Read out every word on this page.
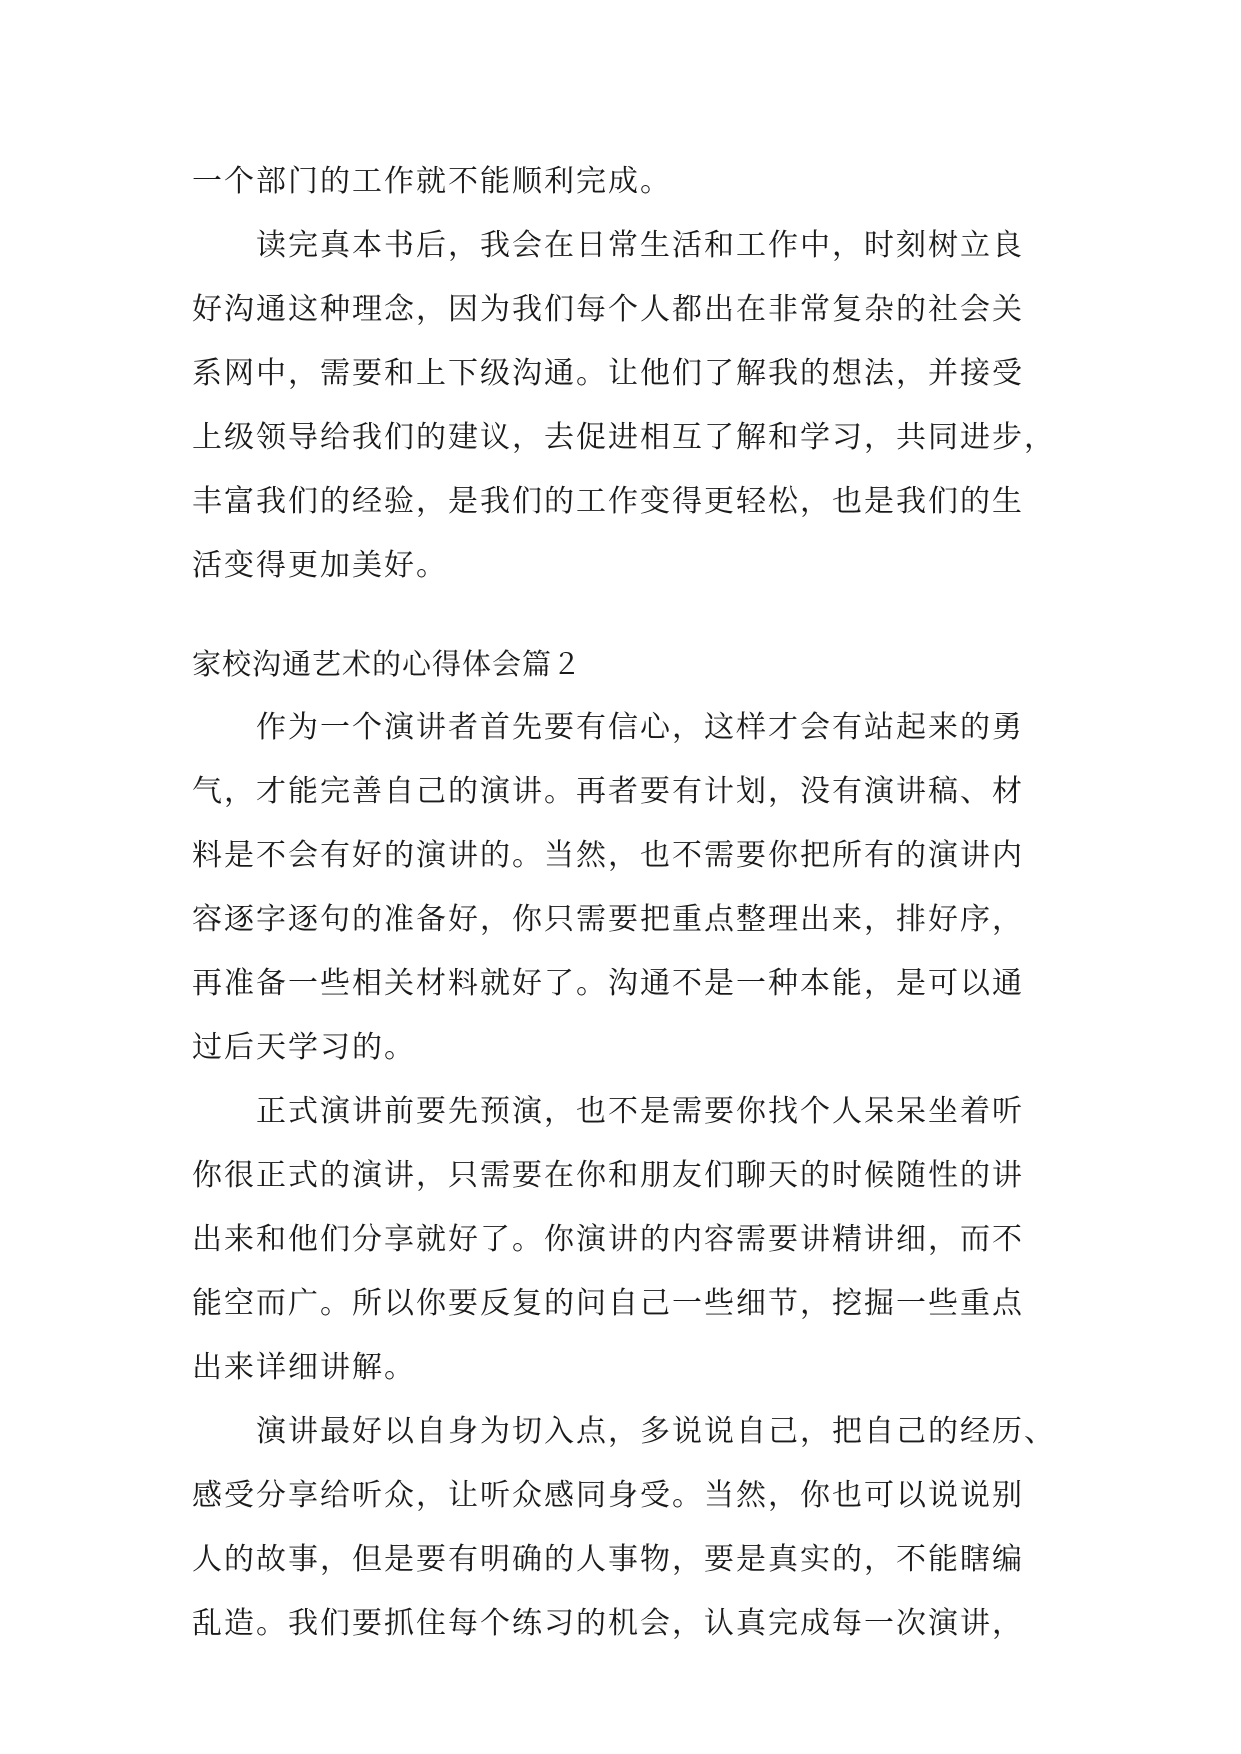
一个部门的工作就不能顺利完成。

读完真本书后，我会在日常生活和工作中，时刻树立良
好沟通这种理念，因为我们每个人都出在非常复杂的社会关
系网中，需要和上下级沟通。让他们了解我的想法，并接受
上级领导给我们的建议，去促进相互了解和学习，共同进步，
丰富我们的经验，是我们的工作变得更轻松，也是我们的生
活变得更加美好。

家校沟通艺术的心得体会篇２

作为一个演讲者首先要有信心，这样才会有站起来的勇
气，才能完善自己的演讲。再者要有计划，没有演讲稿、材
料是不会有好的演讲的。当然，也不需要你把所有的演讲内
容逐字逐句的准备好，你只需要把重点整理出来，排好序，
再准备一些相关材料就好了。沟通不是一种本能，是可以通
过后天学习的。

正式演讲前要先预演，也不是需要你找个人呆呆坐着听
你很正式的演讲，只需要在你和朋友们聊天的时候随性的讲
出来和他们分享就好了。你演讲的内容需要讲精讲细，而不
能空而广。所以你要反复的问自己一些细节，挖掘一些重点
出来详细讲解。

演讲最好以自身为切入点，多说说自己，把自己的经历、
感受分享给听众，让听众感同身受。当然，你也可以说说别
人的故事，但是要有明确的人事物，要是真实的，不能瞎编
乱造。我们要抓住每个练习的机会，认真完成每一次演讲，
